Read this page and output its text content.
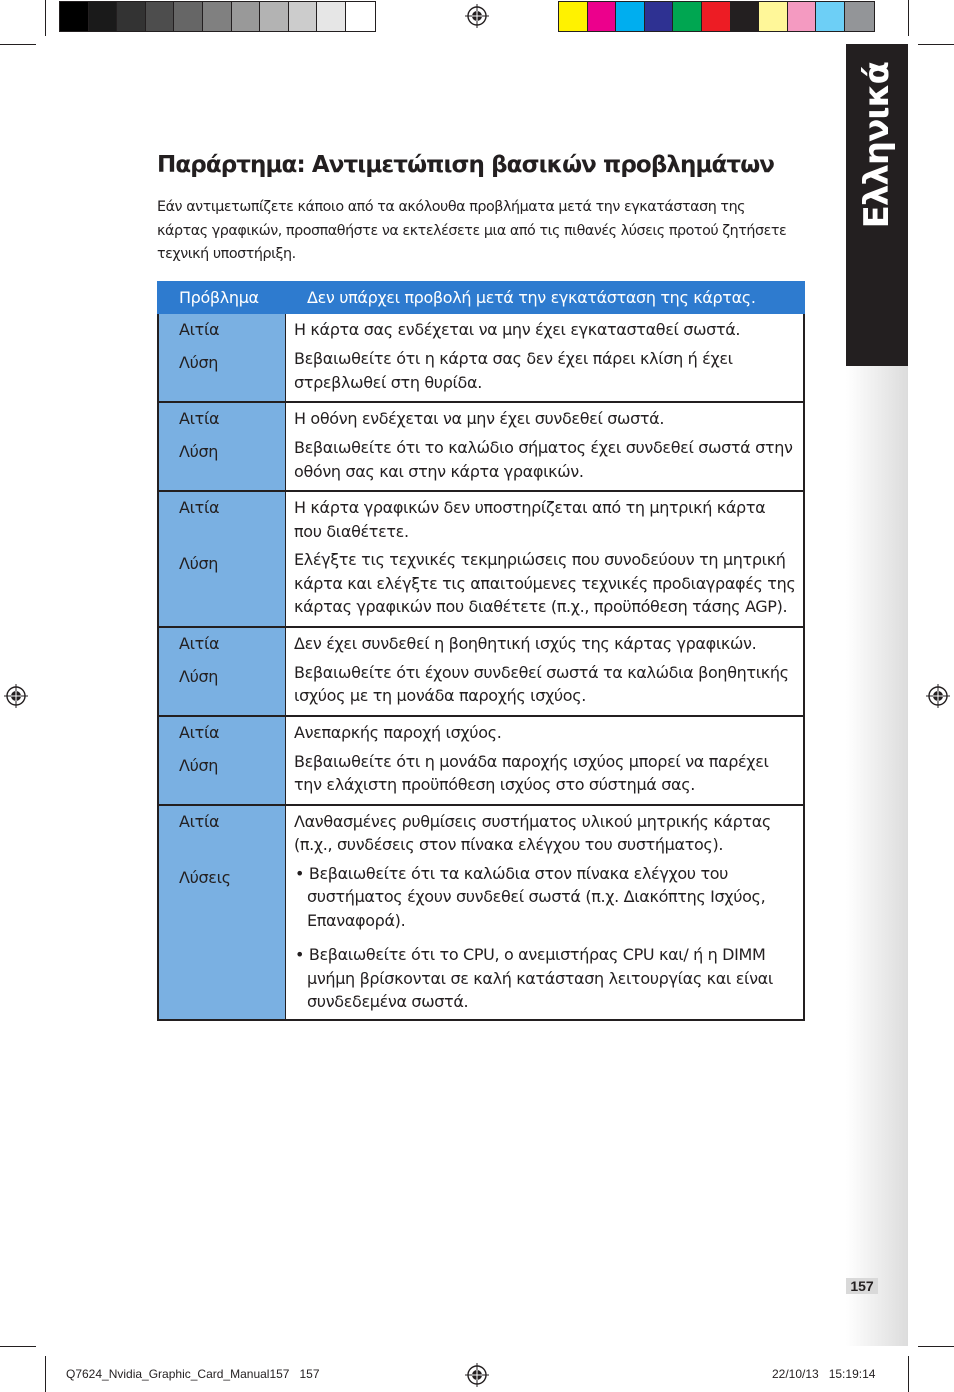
Ελληνικά
157
Παράρτημα: Αντιμετώπιση βασικών προβλημάτων

Εάν αντιμετωπίζετε κάποιο από τα ακόλουθα προβλήματα μετά την εγκατάσταση της κάρτας γραφικών, προσπαθήστε να εκτελέσετε μια από τις πιθανές λύσεις προτού ζητήσετε τεχνική υποστήριξη.

Πρόβλημα	Δεν υπάρχει προβολή μετά την εγκατάσταση της κάρτας.
Αιτία
Λύση
Η κάρτα σας ενδέχεται να μην έχει εγκατασταθεί σωστά.
Βεβαιωθείτε ότι η κάρτα σας δεν έχει πάρει κλίση ή έχει στρεβλωθεί στη θυρίδα.
Αιτία
Λύση
Η οθόνη ενδέχεται να μην έχει συνδεθεί σωστά.
Βεβαιωθείτε ότι το καλώδιο σήματος έχει συνδεθεί σωστά στην οθόνη σας και στην κάρτα γραφικών.
Αιτία
Λύση
Η κάρτα γραφικών δεν υποστηρίζεται από τη μητρική κάρτα που διαθέτετε.
Ελέγξτε τις τεχνικές τεκμηριώσεις που συνοδεύουν τη μητρική κάρτα και ελέγξτε τις απαιτούμενες τεχνικές προδιαγραφές της κάρτας γραφικών που διαθέτετε (π.χ., προϋπόθεση τάσης AGP).
Αιτία
Λύση
Δεν έχει συνδεθεί η βοηθητική ισχύς της κάρτας γραφικών.
Βεβαιωθείτε ότι έχουν συνδεθεί σωστά τα καλώδια βοηθητικής ισχύος με τη μονάδα παροχής ισχύος.
Αιτία
Λύση
Ανεπαρκής παροχή ισχύος.
Βεβαιωθείτε ότι η μονάδα παροχής ισχύος μπορεί να παρέχει την ελάχιστη προϋπόθεση ισχύος στο σύστημά σας.
Αιτία
Λύσεις
Λανθασμένες ρυθμίσεις συστήματος υλικού μητρικής κάρτας (π.χ., συνδέσεις στον πίνακα ελέγχου του συστήματος).
• Βεβαιωθείτε ότι τα καλώδια στον πίνακα ελέγχου του συστήματος έχουν συνδεθεί σωστά (π.χ. Διακόπτης Ισχύος, Επαναφορά).
• Βεβαιωθείτε ότι το CPU, ο ανεμιστήρας CPU και/ ή η DIMM μνήμη βρίσκονται σε καλή κατάσταση λειτουργίας και είναι συνδεδεμένα σωστά.
Q7624_Nvidia_Graphic_Card_Manual157   157	22/10/13   15:19:14
